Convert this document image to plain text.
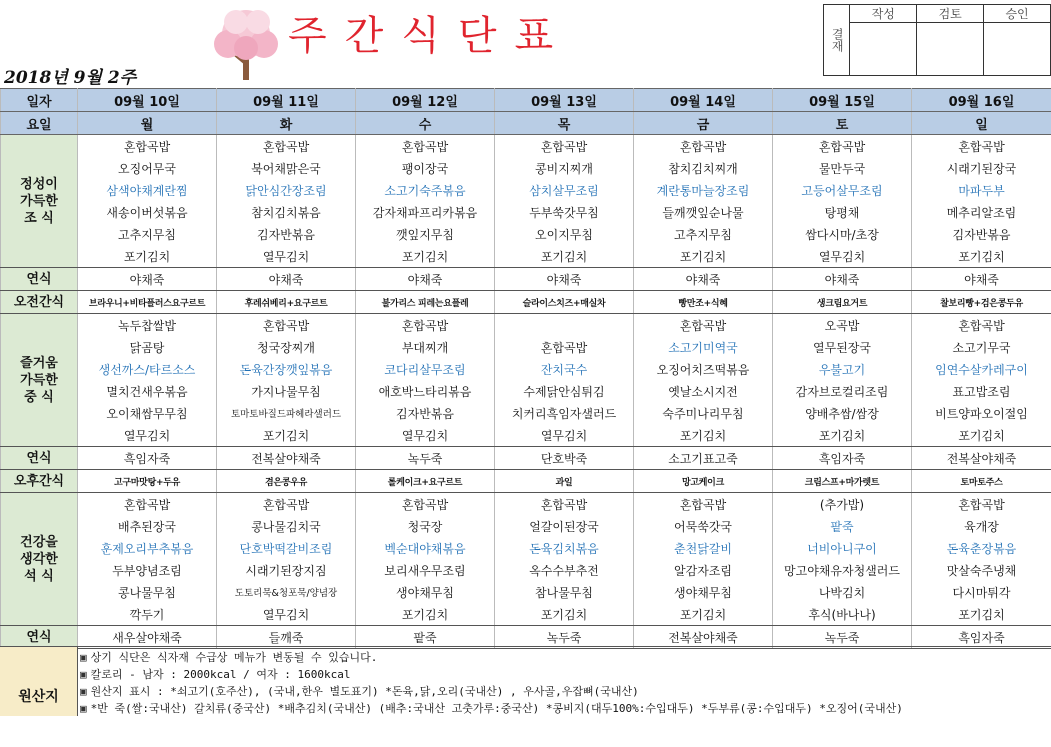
주간식단표
2018년 9월 2주
결재	작성	검토	승인

일자	09월 10일	09월 11일	09월 12일	09월 13일	09월 14일	09월 15일	09월 16일
요일	월	화	수	목	금	토	일

정성이
가득한
조 식	혼합곡밥	혼합곡밥	혼합곡밥	혼합곡밥	혼합곡밥	혼합곡밥	혼합곡밥
	오징어무국	북어채맑은국	팽이장국	콩비지찌개	참치김치찌개	물만두국	시래기된장국
	삼색야채계란찜	닭안심간장조림	소고기숙주볶음	삼치살무조림	계란통마늘장조림	고등어살무조림	마파두부
	새송이버섯볶음	참치김치볶음	감자채파프리카볶음	두부쑥갓무침	들깨깻잎순나물	탕평채	메추리알조림
	고추지무침	김자반볶음	깻잎지무침	오이지무침	고추지무침	쌈다시마/초장	김자반볶음
	포기김치	열무김치	포기김치	포기김치	포기김치	열무김치	포기김치
연식	야채죽	야채죽	야채죽	야채죽	야채죽	야채죽	야채죽
오전간식	브라우니+비타플러스요구르트	후레쉬베리+요구르트	불가리스 피레는요플레	슬라이스치즈+매실차	빵만조+식혜	생크림요거트	찰보리빵+검은콩두유

즐거움
가득한
중 식	녹두찹쌀밥	혼합곡밥	혼합곡밥		혼합곡밥	오곡밥	혼합곡밥
	닭곰탕	청국장찌개	부대찌개	혼합곡밥	소고기미역국	열무된장국	소고기무국
	생선까스/타르소스	돈육간장깻잎볶음	코다리살무조림	잔치국수	오징어치즈떡볶음	우불고기	임연수살카레구이
	멸치건새우볶음	가지나물무침	애호박느타리볶음	수제닭안심튀김	옛날소시지전	감자브로컬리조림	표고밥조림
	오이채쌈무무침	토마토바질드파헤라샐러드	김자반볶음	치커리흑임자샐러드	숙주미나리무침	양배추쌈/쌈장	비트양파오이절임
	열무김치	포기김치	열무김치	열무김치	포기김치	포기김치	포기김치
연식	흑임자죽	전복살야채죽	녹두죽	단호박죽	소고기표고죽	흑임자죽	전복살야채죽
오후간식	고구마맛탕+두유	겸은콩우유	롤케이크+요구르트	과일	망고케이크	크림스프+마가렛트	토마토주스

건강을
생각한
석 식	혼합곡밥	혼합곡밥	혼합곡밥	혼합곡밥	혼합곡밥	(추가밥)	혼합곡밥
	배추된장국	콩나물김치국	청국장	얼갈이된장국	어묵쑥갓국	팥죽	육개장
	훈제오리부추볶음	단호박떡갈비조림	벡순대야채볶음	돈육김치볶음	춘천닭갈비	너비아니구이	돈육춘장볶음
	두부양념조림	시래기된장지짐	보리새우무조림	옥수수부추전	알감자조림	망고야채유자청샐러드	맛살숙주냉채
	콩나물무침	도토리묵&청포묵/양념장	생야채무침	참나물무침	생야채무침	나박김치	다시마튀각
	깍두기	열무김치	포기김치	포기김치	포기김치	후식(바나나)	포기김치
연식	새우살야채죽	들깨죽	팥죽	녹두죽	전복살야채죽	녹두죽	흑임자죽
원산지
▣ 상기 식단은 식자재 수급상 메뉴가 변동될 수 있습니다.
▣ 칼로리 - 남자 : 2000kcal / 여자 : 1600kcal
▣ 원산지 표시 : *쇠고기(호주산), (국내,한우 별도표기) *돈육,닭,오리(국내산) , 우사골,우잡뼈(국내산)
▣ *반 죽(쌀:국내산) 갈치류(중국산) *배추김치(국내산) (배추:국내산 고춧가루:중국산) *콩비지(대두100%:수입대두) *두부류(콩:수입대두) *오징어(국내산)
